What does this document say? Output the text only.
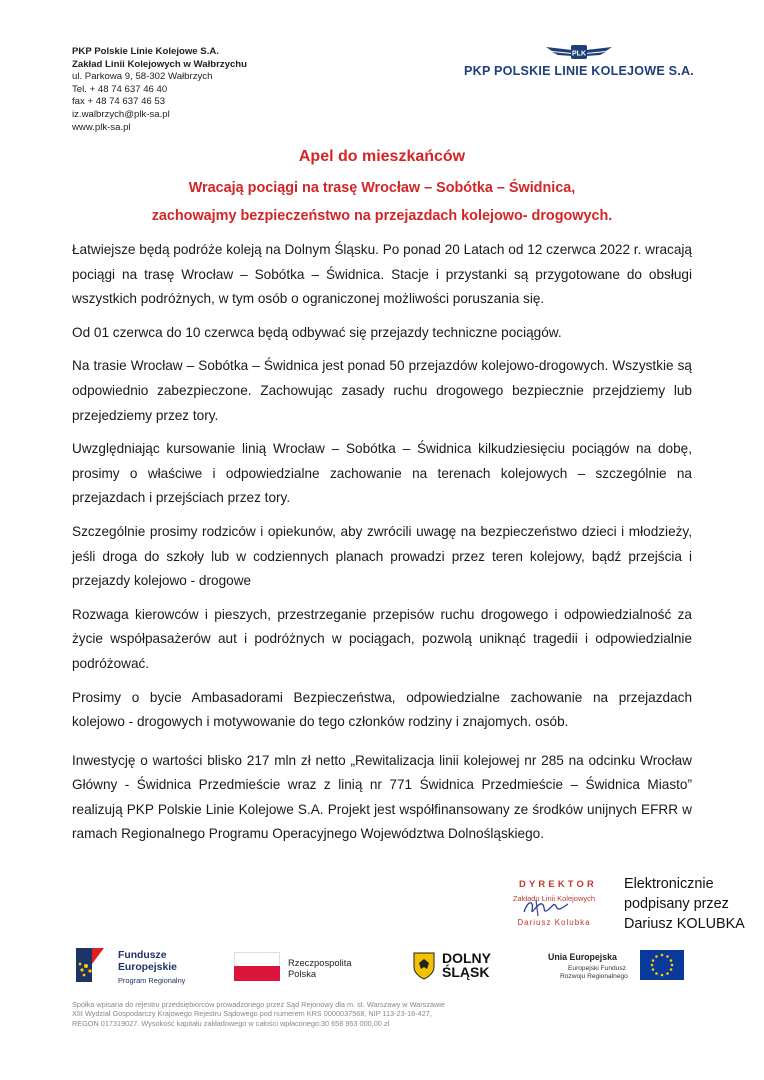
PKP Polskie Linie Kolejowe S.A.
Zakład Linii Kolejowych w Wałbrzychu
ul. Parkowa 9, 58-302 Wałbrzych
Tel. + 48 74 637 46 40
fax + 48 74 637 46 53
iz.walbrzych@plk-sa.pl
www.plk-sa.pl
PLK
PKP POLSKIE LINIE KOLEJOWE S.A.
Apel do mieszkańców
Wracają pociągi na trasę Wrocław – Sobótka – Świdnica,
zachowajmy bezpieczeństwo na przejazdach kolejowo- drogowych.

Łatwiejsze będą podróże koleją na Dolnym Śląsku. Po ponad 20 Latach od 12 czerwca 2022 r. wracają pociągi na trasę Wrocław – Sobótka – Świdnica. Stacje i przystanki są przygotowane do obsługi wszystkich podróżnych, w tym osób o ograniczonej możliwości poruszania się.

Od 01 czerwca do 10 czerwca będą odbywać się przejazdy techniczne pociągów.

Na trasie Wrocław – Sobótka – Świdnica jest ponad 50 przejazdów kolejowo-drogowych. Wszystkie są odpowiednio zabezpieczone. Zachowując zasady ruchu drogowego bezpiecznie przejdziemy lub przejedziemy przez tory.

Uwzględniając kursowanie linią Wrocław – Sobótka – Świdnica kilkudziesięciu pociągów na dobę, prosimy o właściwe i odpowiedzialne zachowanie na terenach kolejowych – szczególnie na przejazdach i przejściach przez tory.

Szczególnie prosimy rodziców i opiekunów, aby zwrócili uwagę na bezpieczeństwo dzieci i młodzieży, jeśli droga do szkoły lub w codziennych planach prowadzi przez teren kolejowy, bądź przejścia i przejazdy kolejowo - drogowe

Rozwaga kierowców i pieszych, przestrzeganie przepisów ruchu drogowego i odpowiedzialność za życie współpasażerów aut i podróżnych w pociągach, pozwolą uniknąć tragedii i odpowiedzialnie podróżować.

Prosimy o bycie Ambasadorami Bezpieczeństwa, odpowiedzialne zachowanie na przejazdach kolejowo - drogowych i motywowanie do tego członków rodziny i znajomych. osób.

Inwestycję o wartości blisko 217 mln zł netto „Rewitalizacja linii kolejowej nr 285 na odcinku Wrocław Główny - Świdnica Przedmieście wraz z linią nr 771 Świdnica Przedmieście – Świdnica Miasto” realizują PKP Polskie Linie Kolejowe S.A. Projekt jest współfinansowany ze środków unijnych EFRR w ramach Regionalnego Programu Operacyjnego Województwa Dolnośląskiego.

DYREKTOR
Zakładu Linii Kolejowych
Dariusz Kolubka
Elektronicznie
podpisany przez
Dariusz KOLUBKA
Fundusze
Europejskie
Program Regionalny
Rzeczpospolita
Polska
DOLNY
ŚLĄSK
Unia Europejska
Europejski Fundusz
Rozwoju Regionalnego
Spółka wpisana do rejestru przedsiębiorców prowadzonego przez Sąd Rejonowy dla m. st. Warszawy w Warszawie
XIII Wydział Gospodarczy Krajowego Rejestru Sądowego pod numerem KRS 0000037568, NIP 113-23-16-427,
REGON 017319027. Wysokość kapitału zakładowego w całości wpłaconego:30 658 953 000,00 zł
